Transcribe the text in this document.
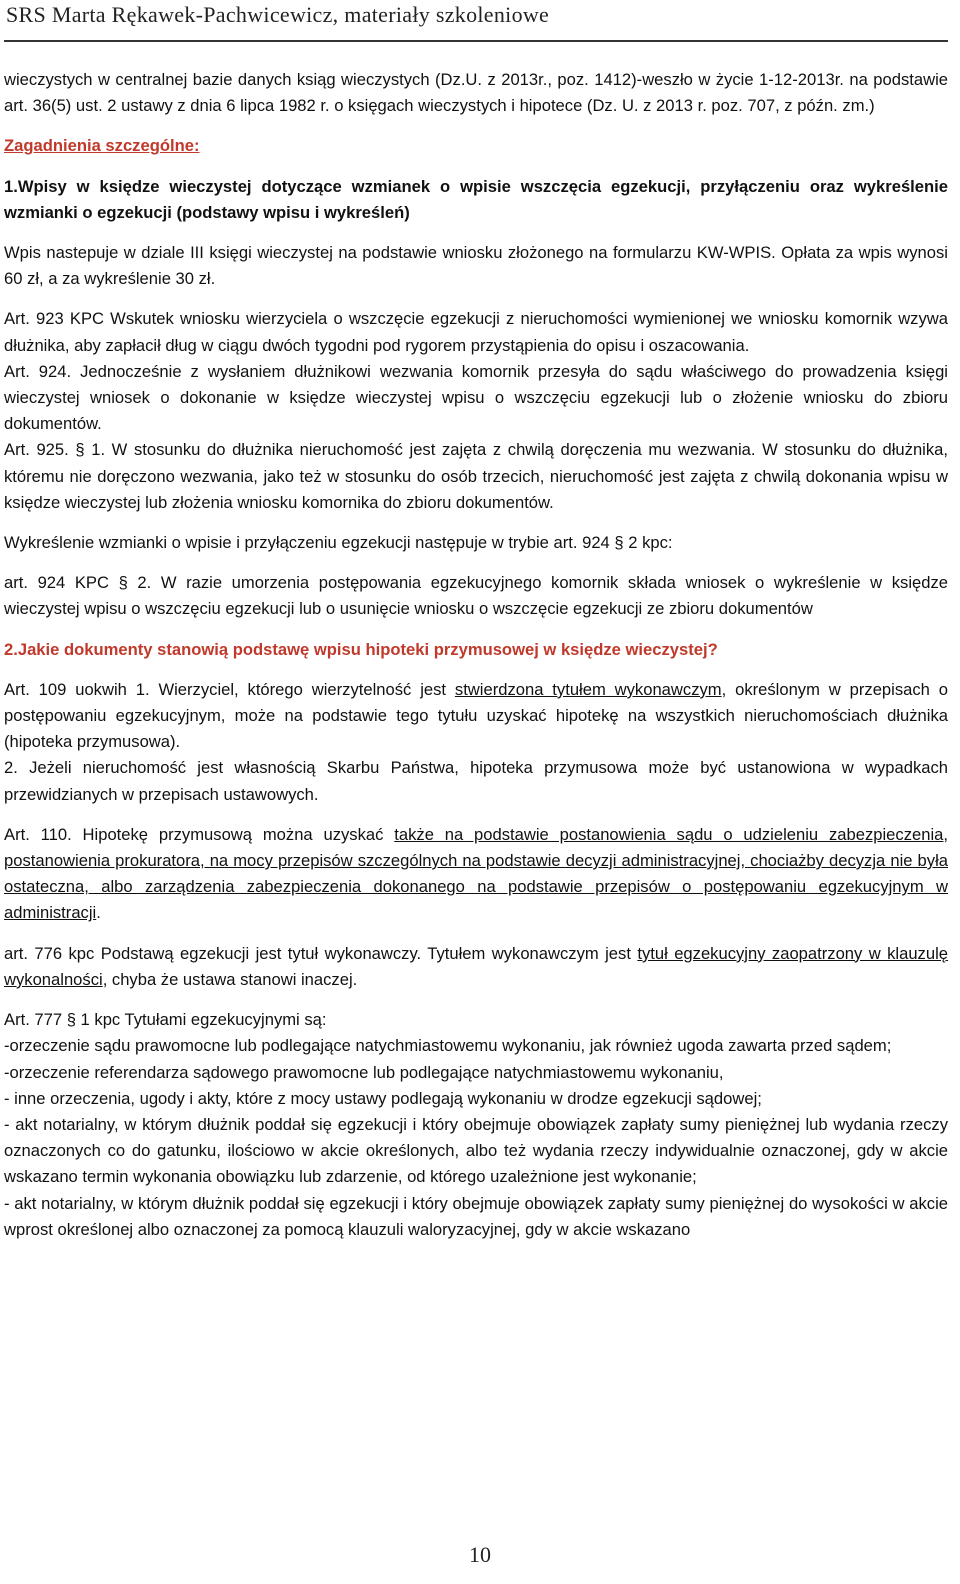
SRS Marta Rękawek-Pachwicewicz, materiały szkoleniowe

wieczystych w centralnej bazie danych ksiąg wieczystych (Dz.U. z 2013r., poz. 1412)-weszło w życie 1-12-2013r. na podstawie art. 36(5) ust. 2 ustawy z dnia 6 lipca 1982 r. o księgach wieczystych i hipotece (Dz. U. z 2013 r. poz. 707, z późn. zm.)

Zagadnienia szczególne:

1.Wpisy w księdze wieczystej dotyczące wzmianek o wpisie wszczęcia egzekucji, przyłączeniu oraz wykreślenie wzmianki o egzekucji (podstawy wpisu i wykreśleń)

Wpis nastepuje w dziale III księgi wieczystej na podstawie wniosku złożonego na formularzu KW-WPIS. Opłata za wpis wynosi 60 zł, a za wykreślenie 30 zł.

Art. 923 KPC Wskutek wniosku wierzyciela o wszczęcie egzekucji z nieruchomości wymienionej we wniosku komornik wzywa dłużnika, aby zapłacił dług w ciągu dwóch tygodni pod rygorem przystąpienia do opisu i oszacowania.

Art. 924. Jednocześnie z wysłaniem dłużnikowi wezwania komornik przesyła do sądu właściwego do prowadzenia księgi wieczystej wniosek o dokonanie w księdze wieczystej wpisu o wszczęciu egzekucji lub o złożenie wniosku do zbioru dokumentów.

Art. 925. § 1. W stosunku do dłużnika nieruchomość jest zajęta z chwilą doręczenia mu wezwania. W stosunku do dłużnika, któremu nie doręczono wezwania, jako też w stosunku do osób trzecich, nieruchomość jest zajęta z chwilą dokonania wpisu w księdze wieczystej lub złożenia wniosku komornika do zbioru dokumentów.

Wykreślenie wzmianki o wpisie i przyłączeniu egzekucji następuje w trybie art. 924 § 2 kpc:

art. 924 KPC § 2. W razie umorzenia postępowania egzekucyjnego komornik składa wniosek o wykreślenie w księdze wieczystej wpisu o wszczęciu egzekucji lub o usunięcie wniosku o wszczęcie egzekucji ze zbioru dokumentów

2.Jakie dokumenty stanowią podstawę wpisu hipoteki przymusowej w księdze wieczystej?

Art. 109 uokwih 1. Wierzyciel, którego wierzytelność jest stwierdzona tytułem wykonawczym, określonym w przepisach o postępowaniu egzekucyjnym, może na podstawie tego tytułu uzyskać hipotekę na wszystkich nieruchomościach dłużnika (hipoteka przymusowa).

2. Jeżeli nieruchomość jest własnością Skarbu Państwa, hipoteka przymusowa może być ustanowiona w wypadkach przewidzianych w przepisach ustawowych.

Art. 110. Hipotekę przymusową można uzyskać także na podstawie postanowienia sądu o udzieleniu zabezpieczenia, postanowienia prokuratora, na mocy przepisów szczególnych na podstawie decyzji administracyjnej, chociażby decyzja nie była ostateczna, albo zarządzenia zabezpieczenia dokonanego na podstawie przepisów o postępowaniu egzekucyjnym w administracji.

art. 776 kpc Podstawą egzekucji jest tytuł wykonawczy. Tytułem wykonawczym jest tytuł egzekucyjny zaopatrzony w klauzulę wykonalności, chyba że ustawa stanowi inaczej.

Art. 777 § 1 kpc Tytułami egzekucyjnymi są:

-orzeczenie sądu prawomocne lub podlegające natychmiastowemu wykonaniu, jak również ugoda zawarta przed sądem;

-orzeczenie referendarza sądowego prawomocne lub podlegające natychmiastowemu wykonaniu,

- inne orzeczenia, ugody i akty, które z mocy ustawy podlegają wykonaniu w drodze egzekucji sądowej;

- akt notarialny, w którym dłużnik poddał się egzekucji i który obejmuje obowiązek zapłaty sumy pieniężnej lub wydania rzeczy oznaczonych co do gatunku, ilościowo w akcie określonych, albo też wydania rzeczy indywidualnie oznaczonej, gdy w akcie wskazano termin wykonania obowiązku lub zdarzenie, od którego uzależnione jest wykonanie;

- akt notarialny, w którym dłużnik poddał się egzekucji i który obejmuje obowiązek zapłaty sumy pieniężnej do wysokości w akcie wprost określonej albo oznaczonej za pomocą klauzuli waloryzacyjnej, gdy w akcie wskazano

10
